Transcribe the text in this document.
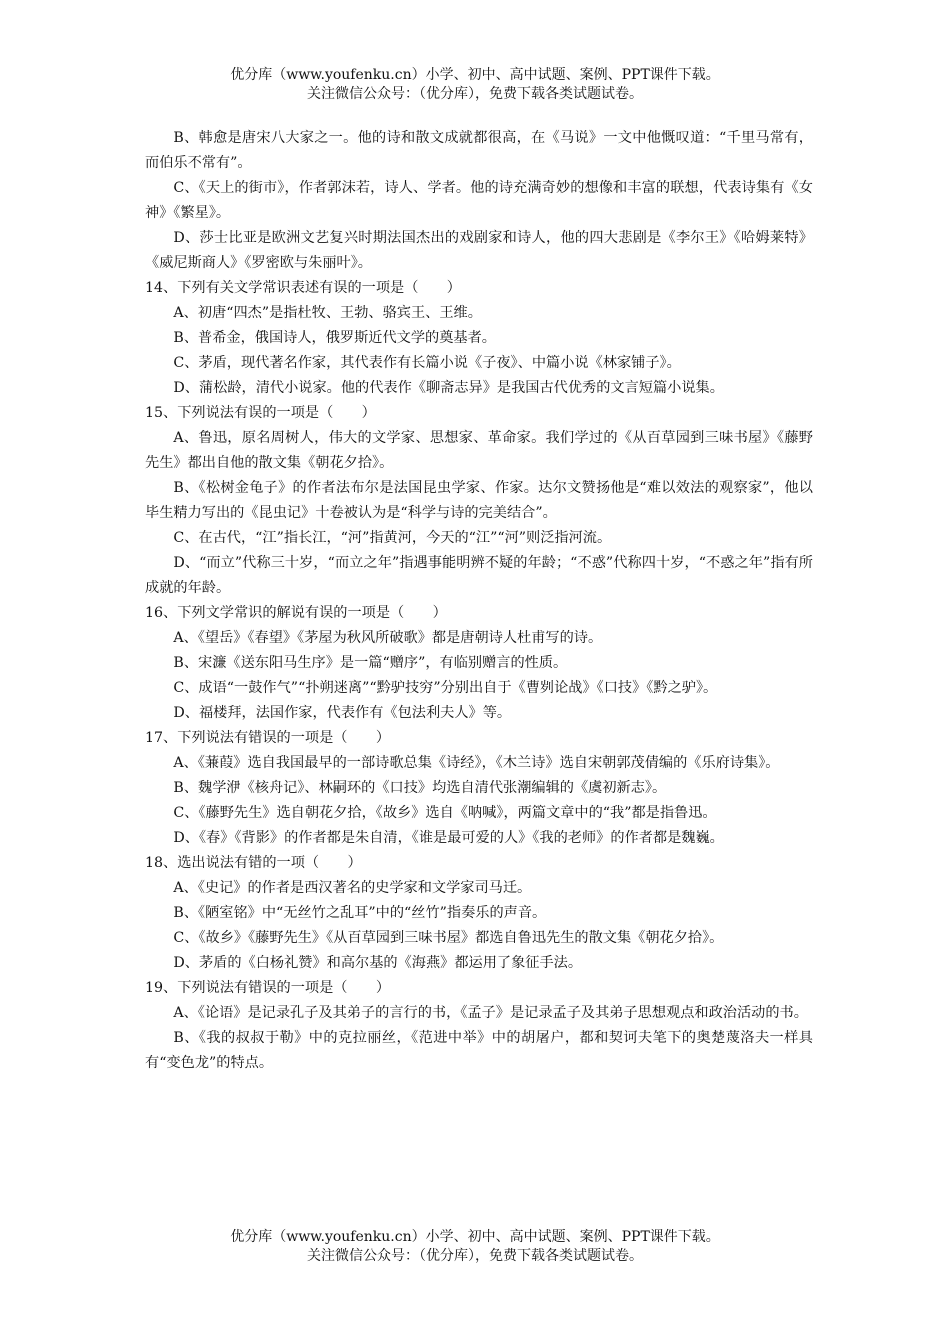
优分库（www.youfenku.cn）小学、初中、高中试题、案例、PPT课件下载。
关注微信公众号：（优分库），免费下载各类试题试卷。

B、韩愈是唐宋八大家之一。他的诗和散文成就都很高，在《马说》一文中他慨叹道：“千里马常有，而伯乐不常有”。

C、《天上的街市》，作者郭沫若，诗人、学者。他的诗充满奇妙的想像和丰富的联想，代表诗集有《女神》《繁星》。

D、莎士比亚是欧洲文艺复兴时期法国杰出的戏剧家和诗人，他的四大悲剧是《李尔王》《哈姆莱特》《威尼斯商人》《罗密欧与朱丽叶》。

14、下列有关文学常识表述有误的一项是（　　）

A、初唐“四杰”是指杜牧、王勃、骆宾王、王维。

B、普希金，俄国诗人，俄罗斯近代文学的奠基者。

C、茅盾，现代著名作家，其代表作有长篇小说《子夜》、中篇小说《林家铺子》。

D、蒲松龄，清代小说家。他的代表作《聊斋志异》是我国古代优秀的文言短篇小说集。

15、下列说法有误的一项是（　　）

A、鲁迅，原名周树人，伟大的文学家、思想家、革命家。我们学过的《从百草园到三味书屋》《藤野先生》都出自他的散文集《朝花夕拾》。

B、《松树金龟子》的作者法布尔是法国昆虫学家、作家。达尔文赞扬他是“难以效法的观察家”，他以毕生精力写出的《昆虫记》十卷被认为是“科学与诗的完美结合”。

C、在古代，“江”指长江，“河”指黄河，今天的“江”“河”则泛指河流。

D、“而立”代称三十岁，“而立之年”指遇事能明辨不疑的年龄；“不惑”代称四十岁，“不惑之年”指有所成就的年龄。

16、下列文学常识的解说有误的一项是（　　）

A、《望岳》《春望》《茅屋为秋风所破歌》都是唐朝诗人杜甫写的诗。

B、宋濂《送东阳马生序》是一篇“赠序”，有临别赠言的性质。

C、成语“一鼓作气”“扑朔迷离”“黔驴技穷”分别出自于《曹刿论战》《口技》《黔之驴》。

D、福楼拜，法国作家，代表作有《包法利夫人》等。

17、下列说法有错误的一项是（　　）

A、《蒹葭》选自我国最早的一部诗歌总集《诗经》，《木兰诗》选自宋朝郭茂倩编的《乐府诗集》。

B、魏学洢《核舟记》、林嗣环的《口技》均选自清代张潮编辑的《虞初新志》。

C、《藤野先生》选自朝花夕拾，《故乡》选自《呐喊》，两篇文章中的“我”都是指鲁迅。

D、《春》《背影》的作者都是朱自清，《谁是最可爱的人》《我的老师》的作者都是魏巍。

18、选出说法有错的一项（　　）

A、《史记》的作者是西汉著名的史学家和文学家司马迁。

B、《陋室铭》中“无丝竹之乱耳”中的“丝竹”指奏乐的声音。

C、《故乡》《藤野先生》《从百草园到三味书屋》都选自鲁迅先生的散文集《朝花夕拾》。

D、茅盾的《白杨礼赞》和高尔基的《海燕》都运用了象征手法。

19、下列说法有错误的一项是（　　）

A、《论语》是记录孔子及其弟子的言行的书，《孟子》是记录孟子及其弟子思想观点和政治活动的书。

B、《我的叔叔于勒》中的克拉丽丝，《范进中举》中的胡屠户，都和契诃夫笔下的奥楚蔑洛夫一样具有“变色龙”的特点。

优分库（www.youfenku.cn）小学、初中、高中试题、案例、PPT课件下载。
关注微信公众号：（优分库），免费下载各类试题试卷。
